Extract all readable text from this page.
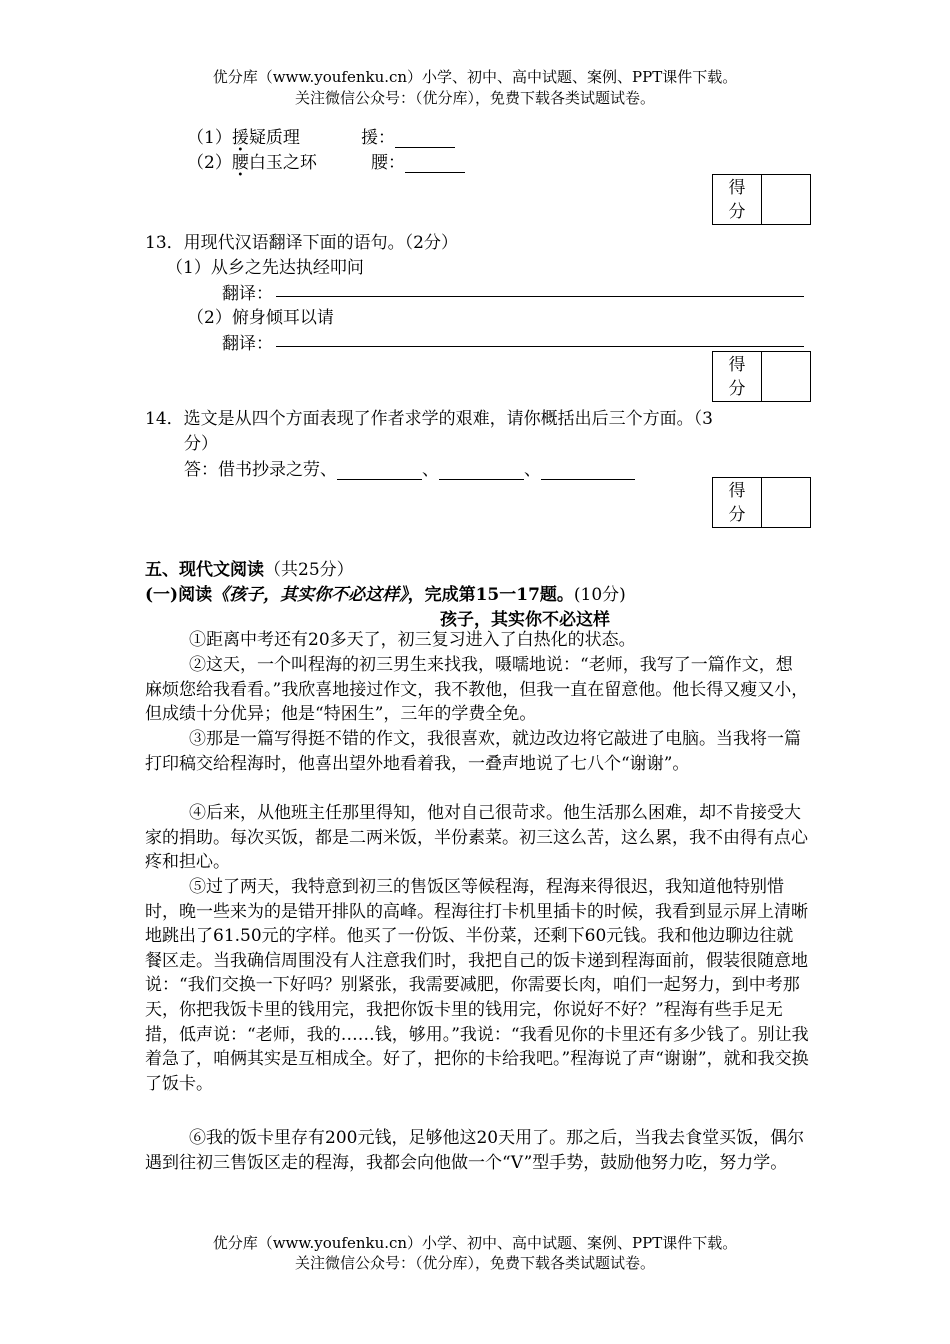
优分库（www.youfenku.cn）小学、初中、高中试题、案例、PPT课件下载。
关注微信公众号：（优分库），免费下载各类试题试卷。
（1）援疑质理	援：
（2）腰白玉之环	腰：
得
分	
13．用现代汉语翻译下面的语句。（2分）
（1）从乡之先达执经叩问
翻译：
（2）俯身倾耳以请
翻译：
得
分	
14．选文是从四个方面表现了作者求学的艰难，请你概括出后三个方面。（3
分）
答：借书抄录之劳、	、	、
得
分	
五、现代文阅读（共25分）
(一)阅读《孩子，其实你不必这样》，完成第15一17题。(10分)
孩子，其实你不必这样
①距离中考还有20多天了，初三复习进入了白热化的状态。
②这天，一个叫程海的初三男生来找我，嗫嚅地说：“老师，我写了一篇作文，想麻烦您给我看看。”我欣喜地接过作文，我不教他，但我一直在留意他。他长得又瘦又小，但成绩十分优异；他是“特困生”，三年的学费全免。
③那是一篇写得挺不错的作文，我很喜欢，就边改边将它敲进了电脑。当我将一篇打印稿交给程海时，他喜出望外地看着我，一叠声地说了七八个“谢谢”。
④后来，从他班主任那里得知，他对自己很苛求。他生活那么困难，却不肯接受大家的捐助。每次买饭，都是二两米饭，半份素菜。初三这么苦，这么累，我不由得有点心疼和担心。
⑤过了两天，我特意到初三的售饭区等候程海，程海来得很迟，我知道他特别惜时，晚一些来为的是错开排队的高峰。程海往打卡机里插卡的时候，我看到显示屏上清晰地跳出了61.50元的字样。他买了一份饭、半份菜，还剩下60元钱。我和他边聊边往就餐区走。当我确信周围没有人注意我们时，我把自己的饭卡递到程海面前，假装很随意地说：“我们交换一下好吗？别紧张，我需要减肥，你需要长肉，咱们一起努力，到中考那天，你把我饭卡里的钱用完，我把你饭卡里的钱用完，你说好不好？”程海有些手足无措，低声说：“老师，我的……钱，够用。”我说：“我看见你的卡里还有多少钱了。别让我着急了，咱俩其实是互相成全。好了，把你的卡给我吧。”程海说了声“谢谢”，就和我交换了饭卡。
⑥我的饭卡里存有200元钱，足够他这20天用了。那之后，当我去食堂买饭，偶尔遇到往初三售饭区走的程海，我都会向他做一个“V”型手势，鼓励他努力吃，努力学。
优分库（www.youfenku.cn）小学、初中、高中试题、案例、PPT课件下载。
关注微信公众号：（优分库），免费下载各类试题试卷。
